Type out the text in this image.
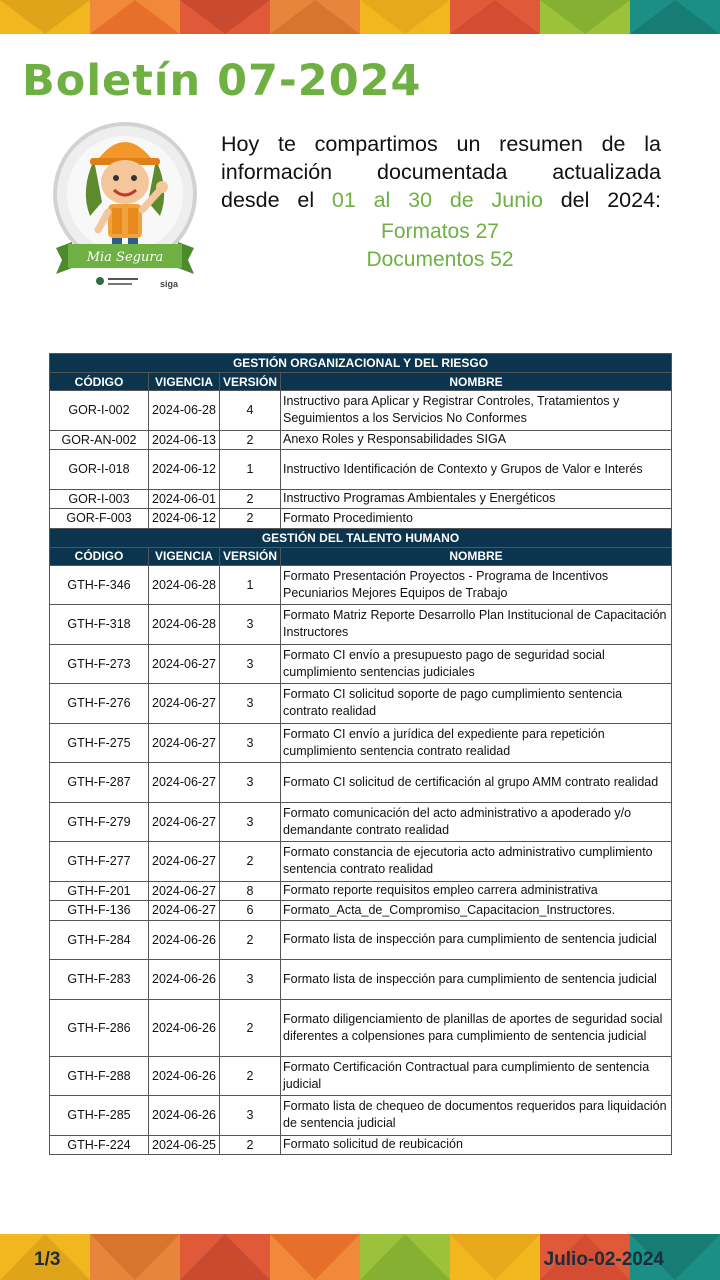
Boletín 07-2024
Mia Segura
siga
Hoy te compartimos un resumen de la
información documentada actualizada
desde el 01 al 30 de Junio del 2024:
Formatos 27
Documentos 52
GESTIÓN ORGANIZACIONAL Y DEL RIESGO			
CÓDIGO	VIGENCIA	VERSIÓN	NOMBRE
GOR-I-002	2024-06-28	4	Instructivo para Aplicar y Registrar Controles, Tratamientos y Seguimientos a los Servicios No Conformes
GOR-AN-002	2024-06-13	2	Anexo Roles y Responsabilidades SIGA
GOR-I-018	2024-06-12	1	Instructivo Identificación de Contexto y Grupos de Valor e Interés
GOR-I-003	2024-06-01	2	Instructivo Programas Ambientales y Energéticos
GOR-F-003	2024-06-12	2	Formato Procedimiento
GESTIÓN DEL TALENTO HUMANO			
CÓDIGO	VIGENCIA	VERSIÓN	NOMBRE
GTH-F-346	2024-06-28	1	Formato Presentación Proyectos - Programa de Incentivos Pecuniarios Mejores Equipos de Trabajo
GTH-F-318	2024-06-28	3	Formato Matriz Reporte Desarrollo Plan Institucional de Capacitación Instructores
GTH-F-273	2024-06-27	3	Formato CI envío a presupuesto pago de seguridad social cumplimiento sentencias judiciales
GTH-F-276	2024-06-27	3	Formato CI solicitud soporte de pago cumplimiento sentencia contrato realidad
GTH-F-275	2024-06-27	3	Formato CI envío a jurídica del expediente para repetición cumplimiento sentencia contrato realidad
GTH-F-287	2024-06-27	3	Formato CI solicitud de certificación al grupo AMM contrato realidad
GTH-F-279	2024-06-27	3	Formato comunicación del acto administrativo a apoderado y/o demandante contrato realidad
GTH-F-277	2024-06-27	2	Formato constancia de ejecutoria acto administrativo cumplimiento sentencia contrato realidad
GTH-F-201	2024-06-27	8	Formato reporte requisitos empleo carrera administrativa
GTH-F-136	2024-06-27	6	Formato_Acta_de_Compromiso_Capacitacion_Instructores.
GTH-F-284	2024-06-26	2	Formato lista de inspección para cumplimiento de sentencia judicial
GTH-F-283	2024-06-26	3	Formato lista de inspección para cumplimiento de sentencia judicial
GTH-F-286	2024-06-26	2	Formato diligenciamiento de planillas de aportes de seguridad social diferentes a colpensiones para cumplimiento de sentencia judicial
GTH-F-288	2024-06-26	2	Formato Certificación Contractual para cumplimiento de sentencia judicial
GTH-F-285	2024-06-26	3	Formato lista de chequeo de documentos requeridos para liquidación de sentencia judicial
GTH-F-224	2024-06-25	2	Formato solicitud de reubicación
1/3	Julio-02-2024
